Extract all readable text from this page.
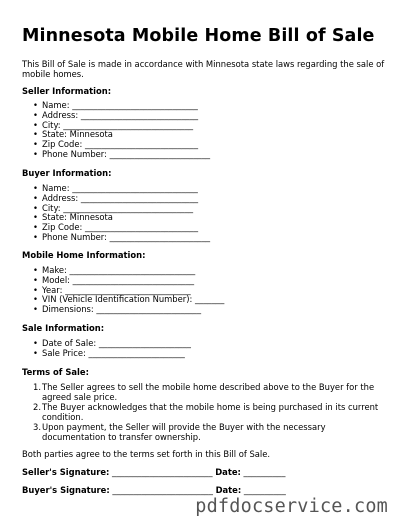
Minnesota Mobile Home Bill of Sale

This Bill of Sale is made in accordance with Minnesota state laws regarding the sale of mobile homes.

Seller Information:
• Name: ______________________________
• Address: ____________________________
• City: _______________________________
• State: Minnesota
• Zip Code: ___________________________
• Phone Number: ________________________
Buyer Information:
• Name: ______________________________
• Address: ____________________________
• City: _______________________________
• State: Minnesota
• Zip Code: ___________________________
• Phone Number: ________________________
Mobile Home Information:
• Make: ______________________________
• Model: _____________________________
• Year: ______________________________
• VIN (Vehicle Identification Number): _______
• Dimensions: _________________________
Sale Information:
• Date of Sale: ______________________
• Sale Price: _______________________
Terms of Sale:
1. The Seller agrees to sell the mobile home described above to the Buyer for the agreed sale price.
2. The Buyer acknowledges that the mobile home is being purchased in its current condition.
3. Upon payment, the Seller will provide the Buyer with the necessary documentation to transfer ownership.

Both parties agree to the terms set forth in this Bill of Sale.

Seller's Signature: ________________________ Date: __________
Buyer's Signature: ________________________ Date: __________
pdfdocservice.com
